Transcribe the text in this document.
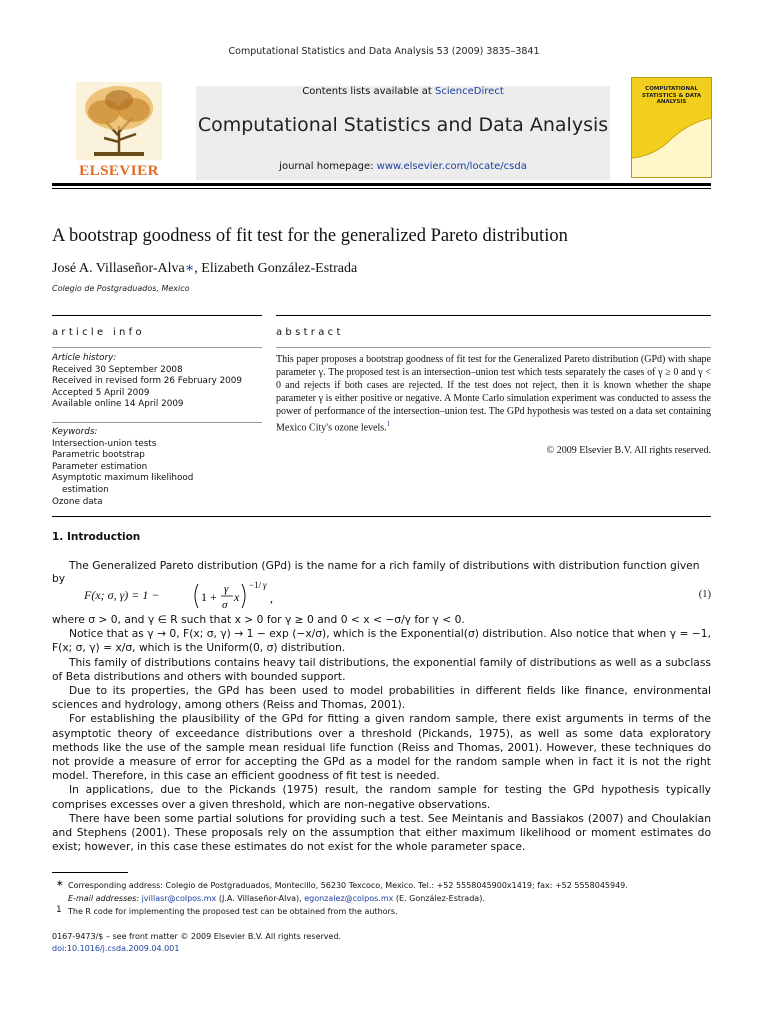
Computational Statistics and Data Analysis 53 (2009) 3835–3841
ELSEVIER
Contents lists available at ScienceDirect
Computational Statistics and Data Analysis
journal homepage: www.elsevier.com/locate/csda
COMPUTATIONAL STATISTICS & DATA ANALYSIS
A bootstrap goodness of fit test for the generalized Pareto distribution
José A. Villaseñor-Alva∗, Elizabeth González-Estrada
Colegio de Postgraduados, Mexico
article info	abstract
Article history:
Received 30 September 2008
Received in revised form 26 February 2009
Accepted 5 April 2009
Available online 14 April 2009
Keywords:
Intersection-union tests
Parametric bootstrap
Parameter estimation
Asymptotic maximum likelihood
estimation
Ozone data
This paper proposes a bootstrap goodness of fit test for the Generalized Pareto distribution (GPd) with shape parameter γ. The proposed test is an intersection–union test which tests separately the cases of γ ≥ 0 and γ < 0 and rejects if both cases are rejected. If the test does not reject, then it is known whether the shape parameter γ is either positive or negative. A Monte Carlo simulation experiment was conducted to assess the power of performance of the intersection–union test. The GPd hypothesis was tested on a data set containing Mexico City's ozone levels.$^1$
© 2009 Elsevier B.V. All rights reserved.
1. Introduction
The Generalized Pareto distribution (GPd) is the name for a rich family of distributions with distribution function given by
F(x; σ, γ) = 1 −	1 +
γ
σ
x
−1/ γ
,	(1)

where σ > 0, and γ ∈ R such that x > 0 for γ ≥ 0 and 0 < x < −σ/γ for γ < 0.

Notice that as γ → 0, F(x; σ, γ) → 1 − exp (−x/σ), which is the Exponential(σ) distribution. Also notice that when γ = −1, F(x; σ, γ) = x/σ, which is the Uniform(0, σ) distribution.

This family of distributions contains heavy tail distributions, the exponential family of distributions as well as a subclass of Beta distributions and others with bounded support.

Due to its properties, the GPd has been used to model probabilities in different fields like finance, environmental sciences and hydrology, among others (Reiss and Thomas, 2001).

For establishing the plausibility of the GPd for fitting a given random sample, there exist arguments in terms of the asymptotic theory of exceedance distributions over a threshold (Pickands, 1975), as well as some data exploratory methods like the use of the sample mean residual life function (Reiss and Thomas, 2001). However, these techniques do not provide a measure of error for accepting the GPd as a model for the random sample when in fact it is not the right model. Therefore, in this case an efficient goodness of fit test is needed.

In applications, due to the Pickands (1975) result, the random sample for testing the GPd hypothesis typically comprises excesses over a given threshold, which are non-negative observations.

There have been some partial solutions for providing such a test. See Meintanis and Bassiakos (2007) and Choulakian and Stephens (2001). These proposals rely on the assumption that either maximum likelihood or moment estimates do exist; however, in this case these estimates do not exist for the whole parameter space.

∗ Corresponding address: Colegio de Postgraduados, Montecillo, 56230 Texcoco, Mexico. Tel.: +52 5558045900x1419; fax: +52 5558045949.
E-mail addresses: jvillasr@colpos.mx (J.A. Villaseñor-Alva), egonzalez@colpos.mx (E. González-Estrada).
1 The R code for implementing the proposed test can be obtained from the authors.
0167-9473/$ – see front matter © 2009 Elsevier B.V. All rights reserved.
doi:10.1016/j.csda.2009.04.001
